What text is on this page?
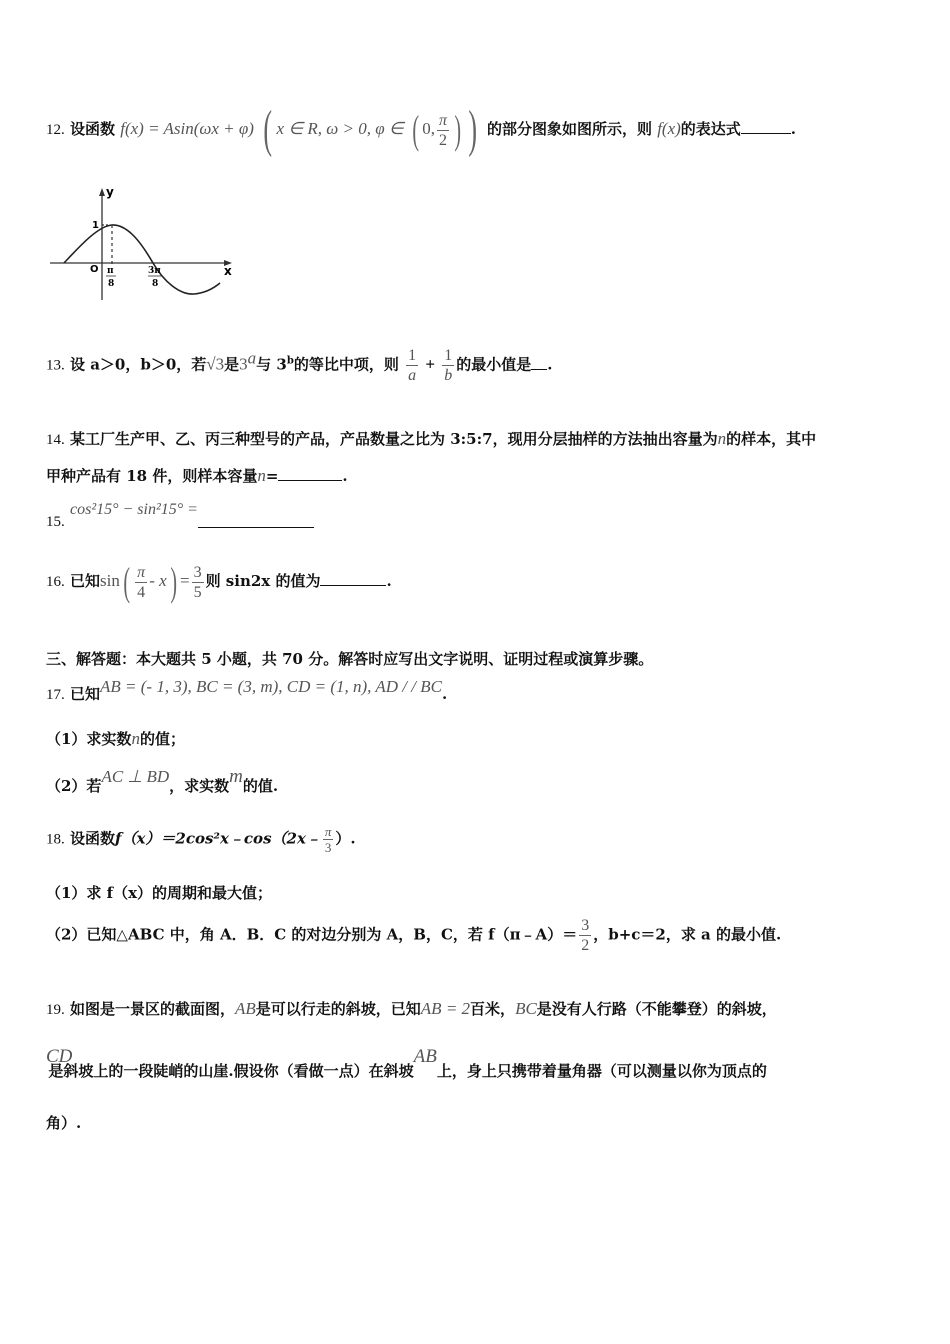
12. 设函数 f(x) = Asin(ωx + φ) ( x ∈ R, ω > 0, φ ∈ ( 0, $\frac{\pi}{2}$ ) ) 的部分图象如图所示，则 f(x)的表达式	.
y
x
O
1
π
8
3π
8
13. 设 a＞0，b＞0，若√3是3$^a$与 3$^b$的等比中项，则 $\frac{1}{a} + \frac{1}{b}$ 的最小值是 .
14. 某工厂生产甲、乙、丙三种型号的产品，产品数量之比为 3:5:7，现用分层抽样的方法抽出容量为n的样本，其中
甲种产品有 18 件，则样本容量n=	.
15. cos²15° − sin²15° =
16. 已知$\sin( \frac{\pi}{4} - x) = \frac{3}{5}$ 则 sin2x 的值为	.
三、解答题：本大题共 5 小题，共 70 分。解答时应写出文字说明、证明过程或演算步骤。
17. 已知AB = (- 1, 3), BC = (3, m), CD = (1, n), AD / / BC.
（1）求实数n的值；
（2）若AC ⊥ BD，求实数m的值.
18. 设函数f（x）＝2cos²x﹣cos（2x﹣ $\frac{\pi}{3}$ ）.
（1）求 f（x）的周期和最大值；
（2）已知△ABC 中，角 A．B．C 的对边分别为 A，B，C，若 f（π﹣A）＝ $\frac{3}{2}$ ，b+c＝2，求 a 的最小值.
19. 如图是一景区的截面图，AB是可以行走的斜坡，已知AB = 2百米，BC是没有人行路（不能攀登）的斜坡，
CD是斜坡上的一段陡峭的山崖.假设你（看做一点）在斜坡AB上，身上只携带着量角器（可以测量以你为顶点的
角）.
